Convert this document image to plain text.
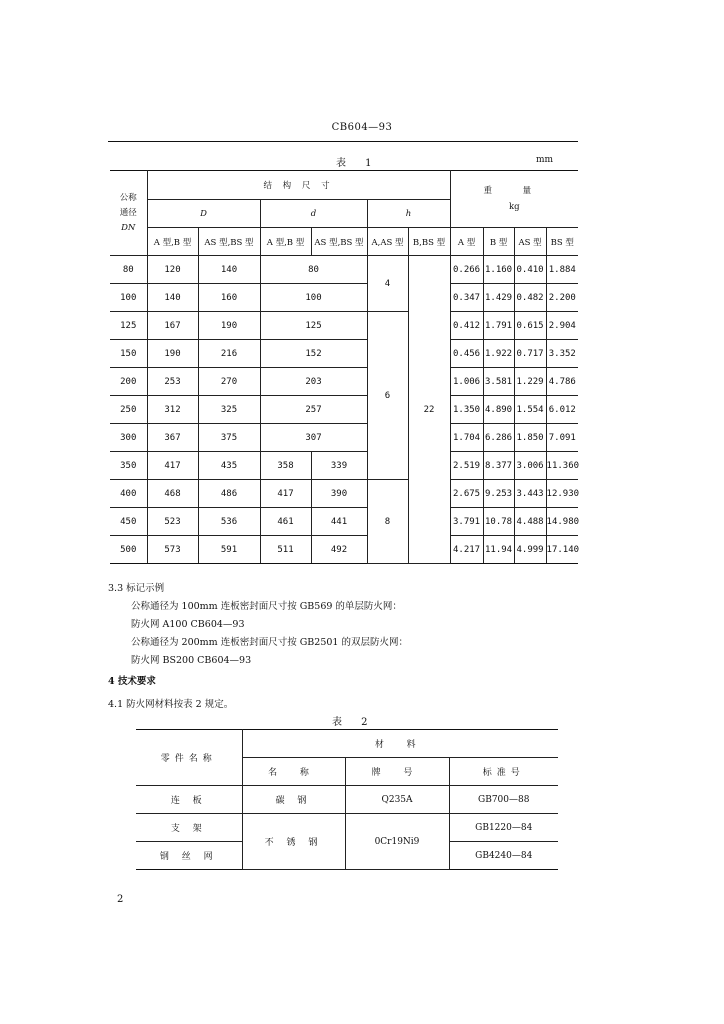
CB604—93
表 1	mm
公称通径
DN	结 构 尺 寸						重 量
kg			
	D		d		h					
	A 型,B 型	AS 型,BS 型	A 型,B 型	AS 型,BS 型	A,AS 型	B,BS 型	A 型	B 型	AS 型	BS 型
80	120	140	80		4	22	0.266	1.160	0.410	1.884
100	140	160	100				0.347	1.429	0.482	2.200
125	167	190	125		6		0.412	1.791	0.615	2.904
150	190	216	152				0.456	1.922	0.717	3.352
200	253	270	203				1.006	3.581	1.229	4.786
250	312	325	257				1.350	4.890	1.554	6.012
300	367	375	307				1.704	6.286	1.850	7.091
350	417	435	358	339			2.519	8.377	3.006	11.360
400	468	486	417	390	8		2.675	9.253	3.443	12.930
450	523	536	461	441			3.791	10.78	4.488	14.980
500	573	591	511	492			4.217	11.94	4.999	17.140
3.3 标记示例
公称通径为 100mm 连板密封面尺寸按 GB569 的单层防火网：
防火网 A100 CB604—93
公称通径为 200mm 连板密封面尺寸按 GB2501 的双层防火网：
防火网 BS200 CB604—93
4 技术要求
4.1 防火网材料按表 2 规定。
表 2
零件名称	材 料		
	名 称	牌 号	标准号
连 板	碳 钢	Q235A	GB700—88
支 架	不 锈 钢	0Cr19Ni9	GB1220—84
钢 丝 网			GB4240—84
2
